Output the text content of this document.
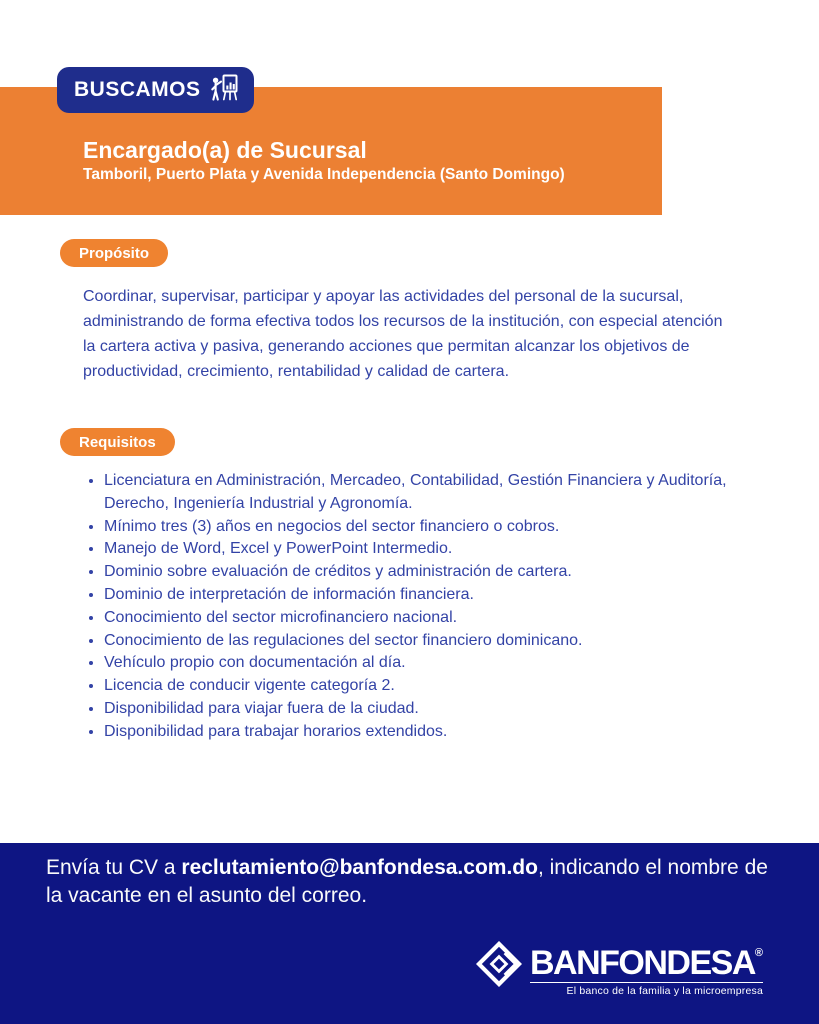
BUSCAMOS
Encargado(a) de Sucursal
Tamboril, Puerto Plata y Avenida Independencia (Santo Domingo)
Propósito

Coordinar, supervisar, participar y apoyar las actividades del personal de la sucursal, administrando de forma efectiva todos los recursos de la institución, con especial atención la cartera activa y pasiva, generando acciones que permitan alcanzar los objetivos de productividad, crecimiento, rentabilidad y calidad de cartera.

Requisitos
• Licenciatura en Administración, Mercadeo, Contabilidad, Gestión Financiera y Auditoría, Derecho, Ingeniería Industrial y Agronomía.
• Mínimo tres (3) años en negocios del sector financiero o cobros.
• Manejo de Word, Excel y PowerPoint Intermedio.
• Dominio sobre evaluación de créditos y administración de cartera.
• Dominio de interpretación de información financiera.
• Conocimiento del sector microfinanciero nacional.
• Conocimiento de las regulaciones del sector financiero dominicano.
• Vehículo propio con documentación al día.
• Licencia de conducir vigente categoría 2.
• Disponibilidad para viajar fuera de la ciudad.
• Disponibilidad para trabajar horarios extendidos.

Envía tu CV a reclutamiento@banfondesa.com.do, indicando el nombre de la vacante en el asunto del correo.

BANFONDESA®
El banco de la familia y la microempresa
